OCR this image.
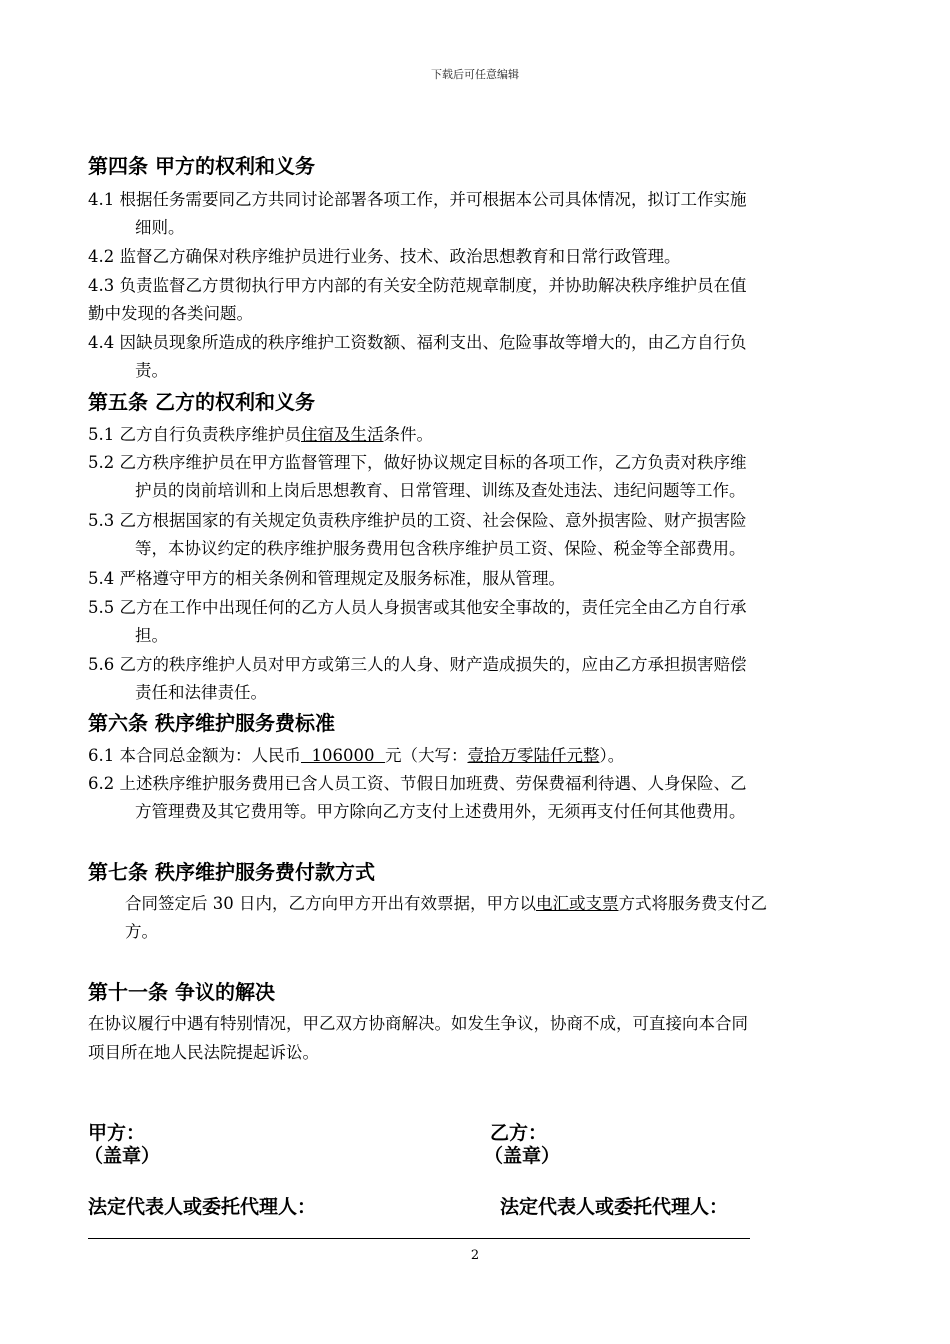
下载后可任意编辑
第四条 甲方的权利和义务
4.1 根据任务需要同乙方共同讨论部署各项工作，并可根据本公司具体情况，拟订工作实施
细则。
4.2 监督乙方确保对秩序维护员进行业务、技术、政治思想教育和日常行政管理。
4.3 负责监督乙方贯彻执行甲方内部的有关安全防范规章制度，并协助解决秩序维护员在值
勤中发现的各类问题。
4.4 因缺员现象所造成的秩序维护工资数额、福利支出、危险事故等增大的，由乙方自行负
责。
第五条 乙方的权利和义务
5.1 乙方自行负责秩序维护员住宿及生活条件。
5.2 乙方秩序维护员在甲方监督管理下，做好协议规定目标的各项工作，乙方负责对秩序维
护员的岗前培训和上岗后思想教育、日常管理、训练及查处违法、违纪问题等工作。
5.3 乙方根据国家的有关规定负责秩序维护员的工资、社会保险、意外损害险、财产损害险
等，本协议约定的秩序维护服务费用包含秩序维护员工资、保险、税金等全部费用。
5.4 严格遵守甲方的相关条例和管理规定及服务标准，服从管理。
5.5 乙方在工作中出现任何的乙方人员人身损害或其他安全事故的，责任完全由乙方自行承
担。
5.6 乙方的秩序维护人员对甲方或第三人的人身、财产造成损失的，应由乙方承担损害赔偿
责任和法律责任。
第六条 秩序维护服务费标准
6.1 本合同总金额为：人民币  106000  元（大写：壹拾万零陆仟元整）。
6.2 上述秩序维护服务费用已含人员工资、节假日加班费、劳保费福利待遇、人身保险、乙
方管理费及其它费用等。甲方除向乙方支付上述费用外，无须再支付任何其他费用。
第七条 秩序维护服务费付款方式
合同签定后 30 日内，乙方向甲方开出有效票据，甲方以电汇或支票方式将服务费支付乙
方。
第十一条 争议的解决
在协议履行中遇有特别情况，甲乙双方协商解决。如发生争议，协商不成，可直接向本合同
项目所在地人民法院提起诉讼。
甲方：	乙方：
（盖章）	（盖章）
法定代表人或委托代理人：	法定代表人或委托代理人：
2
